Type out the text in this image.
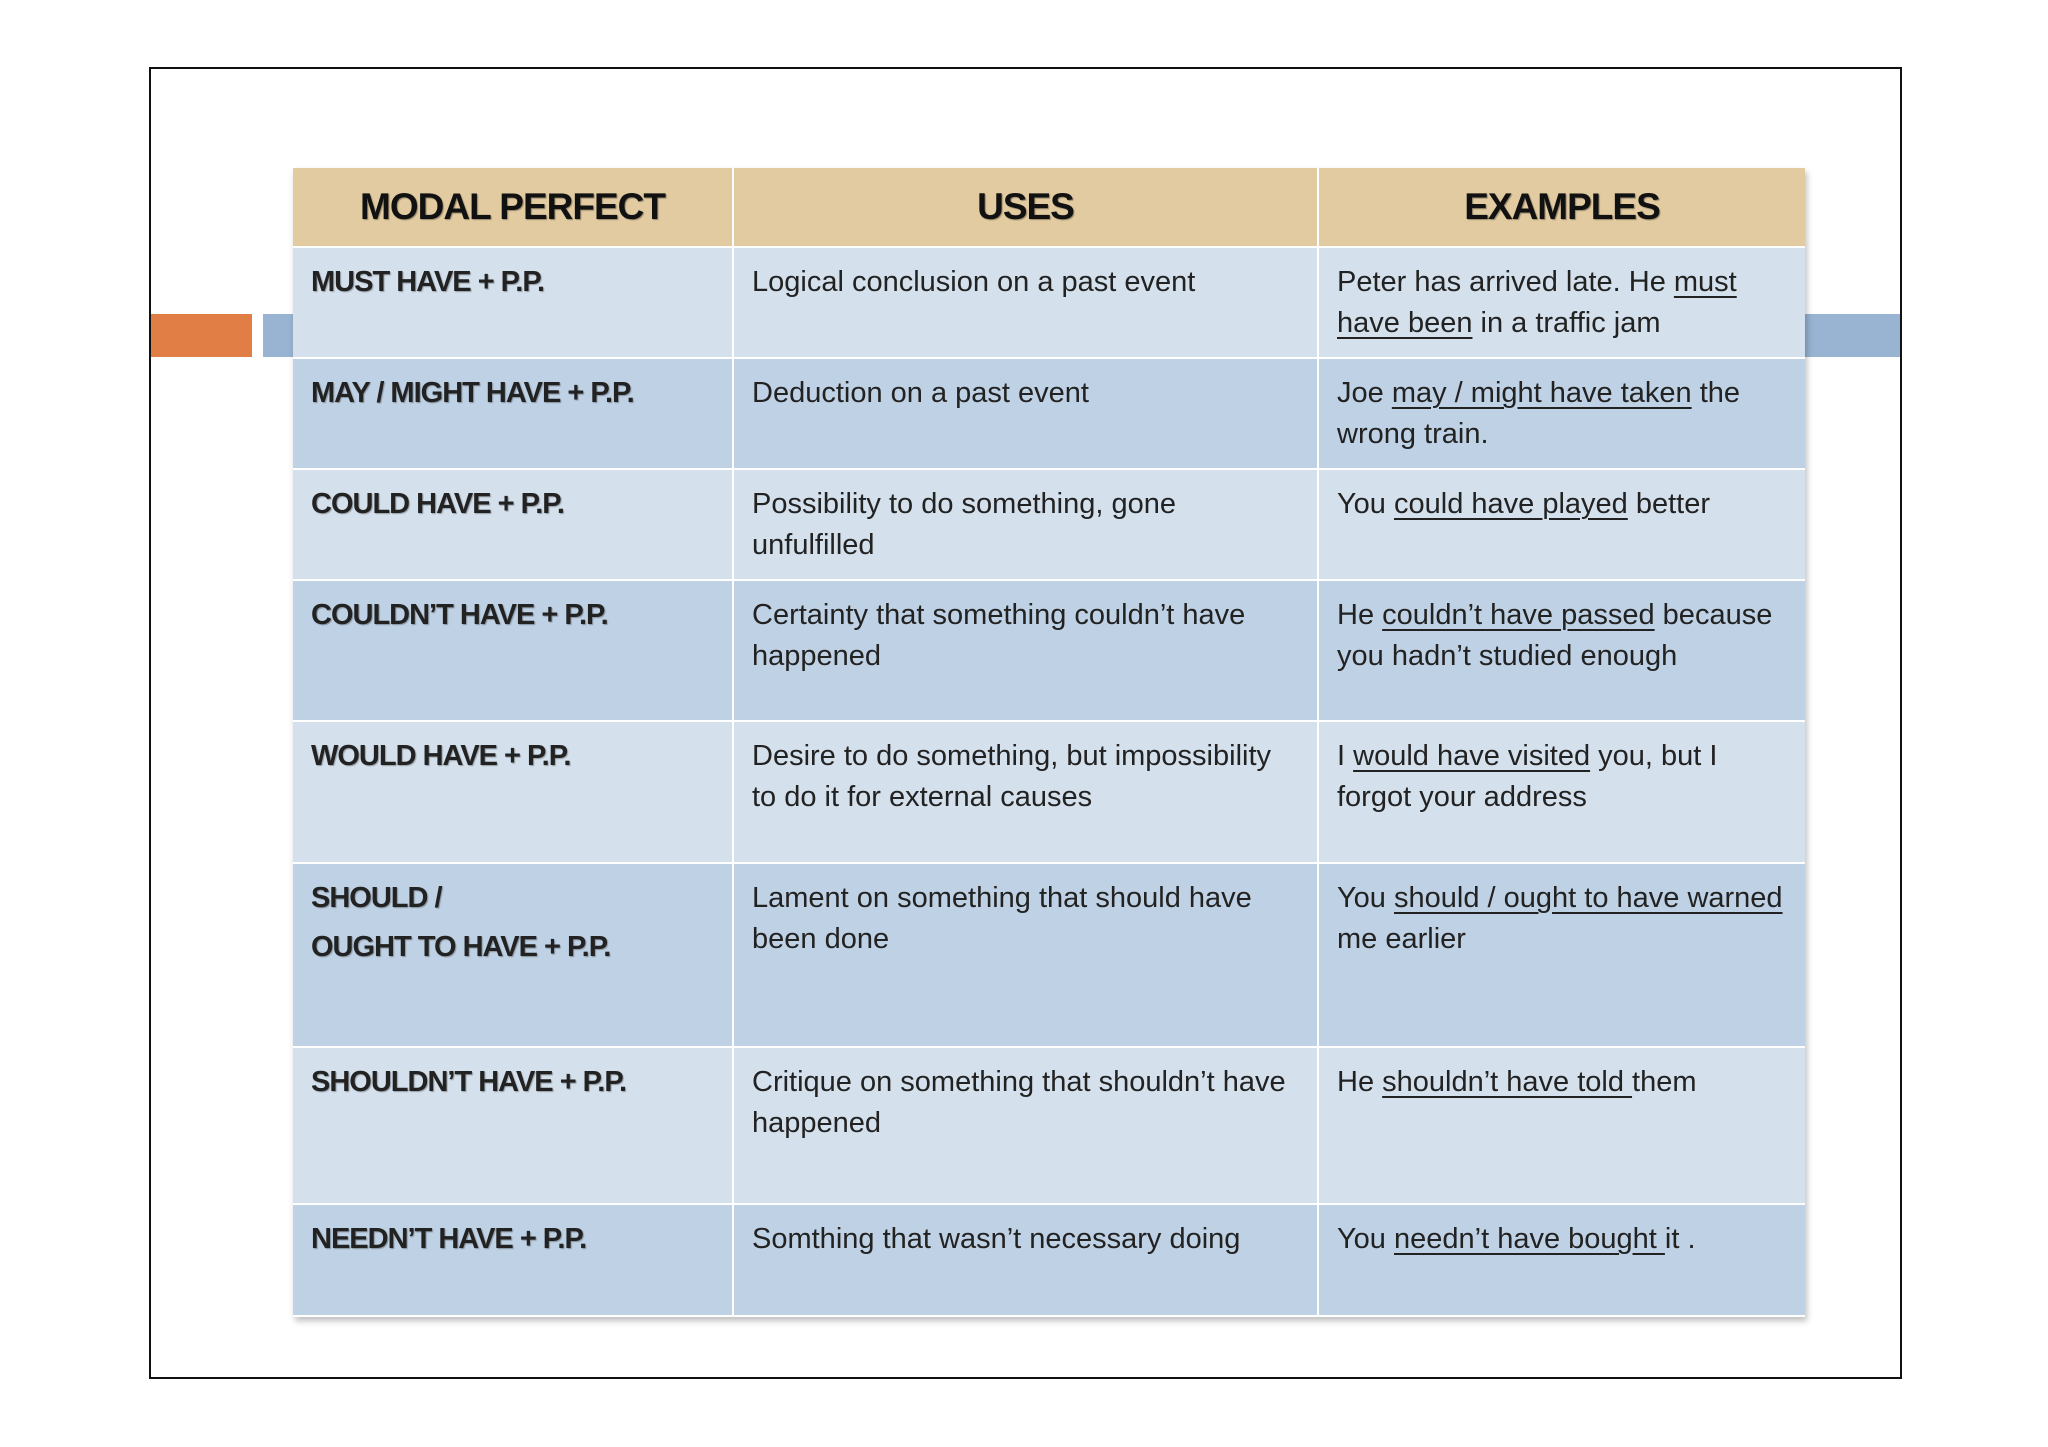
MODAL PERFECT	USES	EXAMPLES

MUST HAVE + P.P.	Logical conclusion on a past event	Peter has arrived late. He must have been in a traffic jam

MAY / MIGHT HAVE + P.P.	Deduction on a past event	Joe may / might have taken the wrong train.

COULD HAVE + P.P.	Possibility to do something, gone unfulfilled	You could have played better

COULDN’T HAVE + P.P.	Certainty that something couldn’t have happened	He couldn’t have passed because you hadn’t studied enough

WOULD HAVE + P.P.	Desire to do something, but impossibility to do it for external causes	I would have visited you, but I forgot your address

SHOULD /
OUGHT TO HAVE + P.P.	Lament on something that should have been done	You should / ought to have warned me earlier

SHOULDN’T HAVE + P.P.	Critique on something that shouldn’t have happened	He shouldn’t have told them

NEEDN’T HAVE + P.P.	Somthing that wasn’t necessary doing	You needn’t have bought it .
